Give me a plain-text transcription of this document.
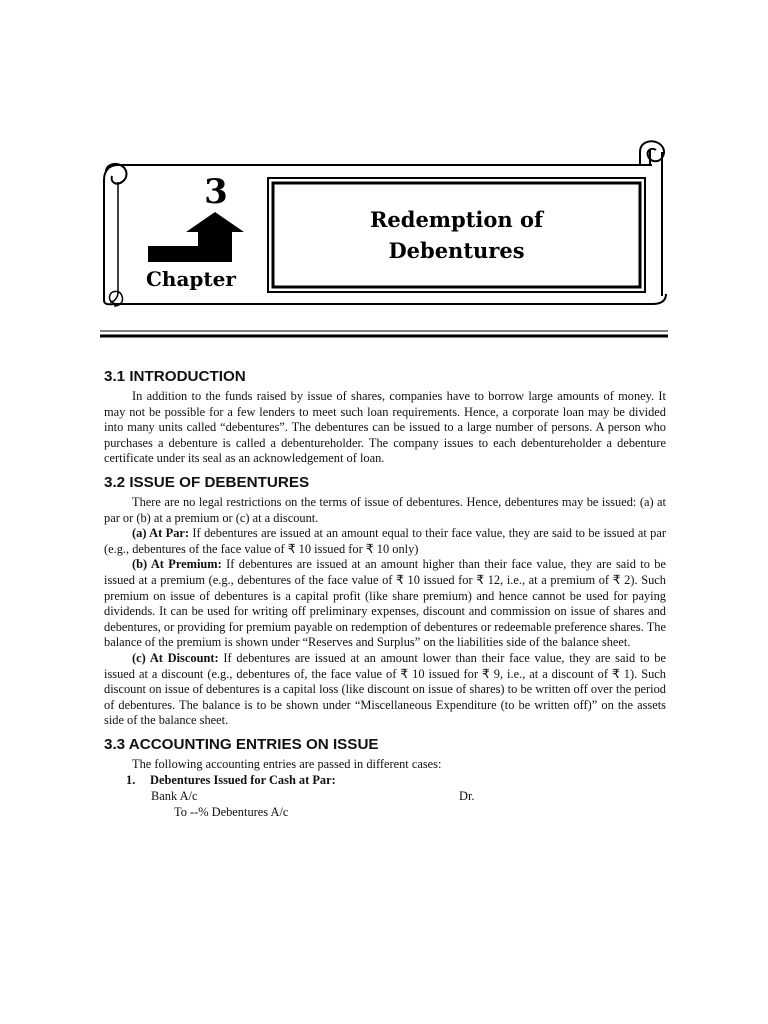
3
Chapter
Redemption of
Debentures
3.1 INTRODUCTION

In addition to the funds raised by issue of shares, companies have to borrow large amounts of money. It may not be possible for a few lenders to meet such loan requirements. Hence, a corporate loan may be divided into many units called “debentures”. The debentures can be issued to a large number of persons. A person who purchases a debenture is called a debentureholder. The company issues to each debentureholder a debenture certificate under its seal as an acknowledgement of loan.

3.2 ISSUE OF DEBENTURES

There are no legal restrictions on the terms of issue of debentures. Hence, debentures may be issued: (a) at par or (b) at a premium or (c) at a discount.

(a) At Par: If debentures are issued at an amount equal to their face value, they are said to be issued at par (e.g., debentures of the face value of ₹ 10 issued for ₹ 10 only)

(b) At Premium: If debentures are issued at an amount higher than their face value, they are said to be issued at a premium (e.g., debentures of the face value of ₹ 10 issued for ₹ 12, i.e., at a premium of ₹ 2). Such premium on issue of debentures is a capital profit (like share premium) and hence cannot be used for paying dividends. It can be used for writing off preliminary expenses, discount and commission on issue of shares and debentures, or providing for premium payable on redemption of debentures or redeemable preference shares. The balance of the premium is shown under “Reserves and Surplus” on the liabilities side of the balance sheet.

(c) At Discount: If debentures are issued at an amount lower than their face value, they are said to be issued at a discount (e.g., debentures of, the face value of ₹ 10 issued for ₹ 9, i.e., at a discount of ₹ 1). Such discount on issue of debentures is a capital loss (like discount on issue of shares) to be written off over the period of debentures. The balance is to be shown under “Miscellaneous Expenditure (to be written off)” on the assets side of the balance sheet.

3.3 ACCOUNTING ENTRIES ON ISSUE

The following accounting entries are passed in different cases:

1. Debentures Issued for Cash at Par:
Bank A/c	Dr.
To --% Debentures A/c
